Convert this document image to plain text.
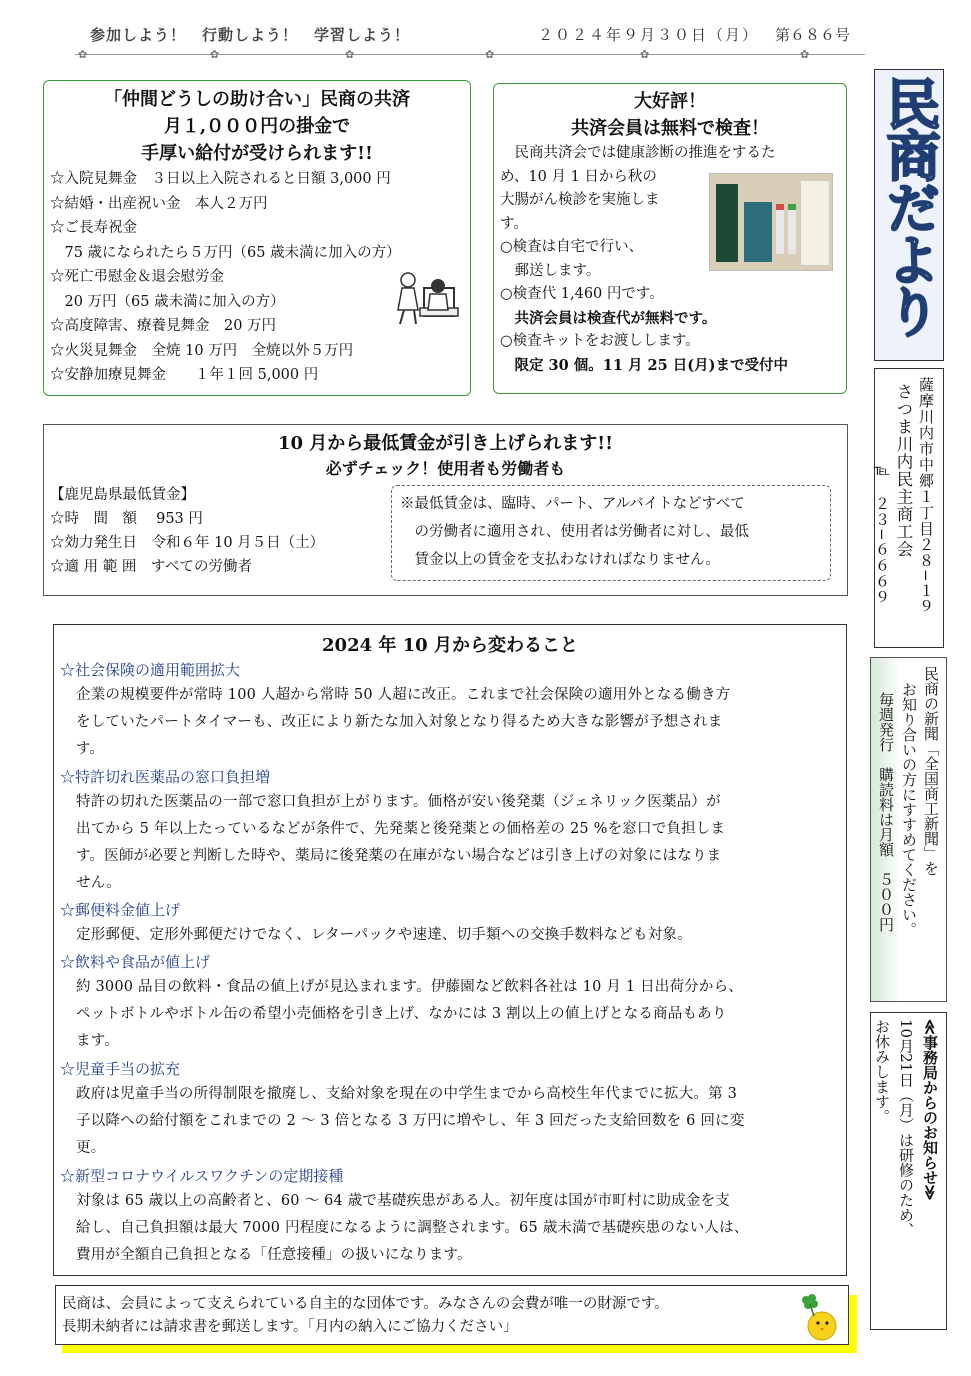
参加しよう！　行動しよう！　学習しよう！	２０２４年９月３０日（月） 第６８６号
✿	✿	✿	✿	✿	✿
「仲間どうしの助け合い」民商の共済
月１,０００円の掛金で
手厚い給付が受けられます!!
☆入院見舞金　３日以上入院されると日額 3,000 円
☆結婚・出産祝い金　本人２万円
☆ご長寿祝金
　75 歳になられたら５万円（65 歳未満に加入の方）
☆死亡弔慰金＆退会慰労金
　20 万円（65 歳未満に加入の方）
☆高度障害、療養見舞金　20 万円
☆火災見舞金　全焼 10 万円　全焼以外５万円
☆安静加療見舞金　　１年１回 5,000 円
大好評！
共済会員は無料で検査！
　民商共済会では健康診断の推進をするた
め、10 月 1 日から秋の
大腸がん検診を実施しま
す。
○検査は自宅で行い、
　郵送します。
○検査代 1,460 円です。
　共済会員は検査代が無料です。
○検査キットをお渡しします。
　限定 30 個。11 月 25 日(月)まで受付中
民商だより
薩摩川内市中郷１丁目２８−１９
さつま川内民主商工会
℡　２３−６６６９
民商の新聞「全国商工新聞」を
お知り合いの方にすすめてください。
毎週発行　購読料は月額　５００円
≪事務局からのお知らせ≫
10月21日（月）は研修のため、
お休みします。
10 月から最低賃金が引き上げられます!!
必ずチェック！使用者も労働者も
【鹿児島県最低賃金】
☆時　間　額　 953 円
☆効力発生日　令和６年 10 月５日（土）
☆適 用 範 囲　すべての労働者
※最低賃金は、臨時、パート、アルバイトなどすべて
　の労働者に適用され、使用者は労働者に対し、最低
　賃金以上の賃金を支払わなければなりません。
2024 年 10 月から変わること
☆社会保険の適用範囲拡大
企業の規模要件が常時 100 人超から常時 50 人超に改正。これまで社会保険の適用外となる働き方
をしていたパートタイマーも、改正により新たな加入対象となり得るため大きな影響が予想されま
す。
☆特許切れ医薬品の窓口負担増
特許の切れた医薬品の一部で窓口負担が上がります。価格が安い後発薬（ジェネリック医薬品）が
出てから 5 年以上たっているなどが条件で、先発薬と後発薬との価格差の 25 %を窓口で負担しま
す。医師が必要と判断した時や、薬局に後発薬の在庫がない場合などは引き上げの対象にはなりま
せん。
☆郵便料金値上げ
定形郵便、定形外郵便だけでなく、レターパックや速達、切手類への交換手数料なども対象。
☆飲料や食品が値上げ
約 3000 品目の飲料・食品の値上げが見込まれます。伊藤園など飲料各社は 10 月 1 日出荷分から、
ペットボトルやボトル缶の希望小売価格を引き上げ、なかには 3 割以上の値上げとなる商品もあり
ます。
☆児童手当の拡充
政府は児童手当の所得制限を撤廃し、支給対象を現在の中学生までから高校生年代までに拡大。第 3
子以降への給付額をこれまでの 2 〜 3 倍となる 3 万円に増やし、年 3 回だった支給回数を 6 回に変
更。
☆新型コロナウイルスワクチンの定期接種
対象は 65 歳以上の高齢者と、60 〜 64 歳で基礎疾患がある人。初年度は国が市町村に助成金を支
給し、自己負担額は最大 7000 円程度になるように調整されます。65 歳未満で基礎疾患のない人は、
費用が全額自己負担となる「任意接種」の扱いになります。
民商は、会員によって支えられている自主的な団体です。みなさんの会費が唯一の財源です。
長期未納者には請求書を郵送します。「月内の納入にご協力ください」
